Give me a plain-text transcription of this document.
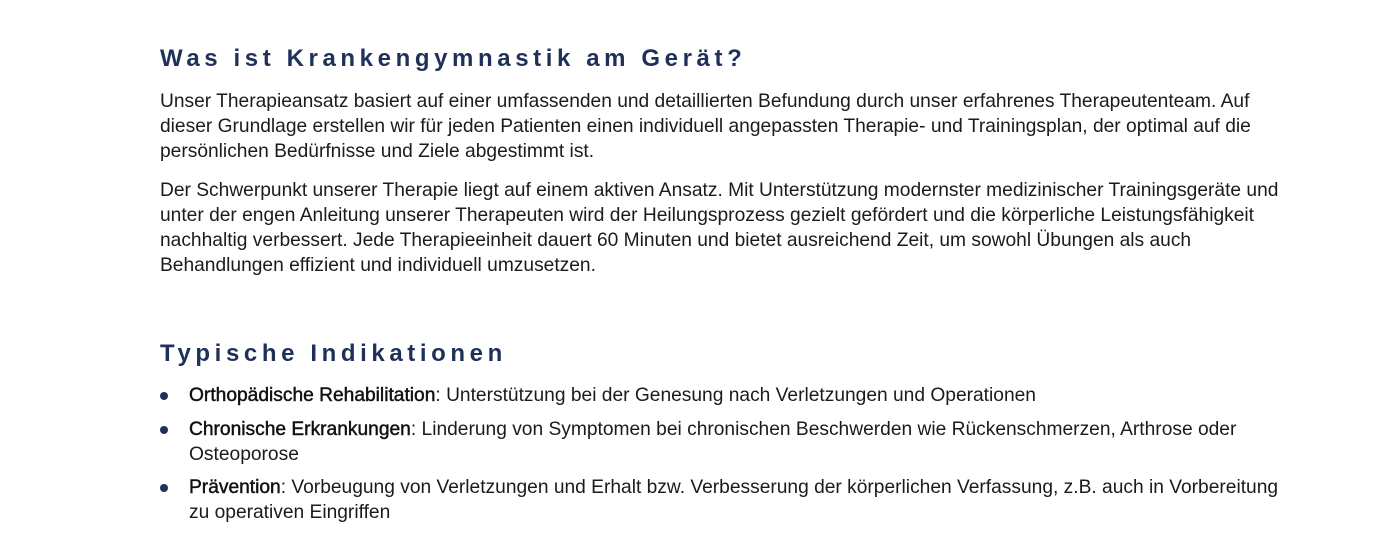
Was ist Krankengymnastik am Gerät?

Unser Therapieansatz basiert auf einer umfassenden und detaillierten Befundung durch unser erfahrenes Therapeutenteam. Auf dieser Grundlage erstellen wir für jeden Patienten einen individuell angepassten Therapie- und Trainingsplan, der optimal auf die persönlichen Bedürfnisse und Ziele abgestimmt ist.

Der Schwerpunkt unserer Therapie liegt auf einem aktiven Ansatz. Mit Unterstützung modernster medizinischer Trainingsgeräte und unter der engen Anleitung unserer Therapeuten wird der Heilungsprozess gezielt gefördert und die körperliche Leistungsfähigkeit nachhaltig verbessert. Jede Therapieeinheit dauert 60 Minuten und bietet ausreichend Zeit, um sowohl Übungen als auch Behandlungen effizient und individuell umzusetzen.

Typische Indikationen
Orthopädische Rehabilitation: Unterstützung bei der Genesung nach Verletzungen und Operationen
Chronische Erkrankungen: Linderung von Symptomen bei chronischen Beschwerden wie Rückenschmerzen, Arthrose oder Osteoporose
Prävention: Vorbeugung von Verletzungen und Erhalt bzw. Verbesserung der körperlichen Verfassung, z.B. auch in Vorbereitung zu operativen Eingriffen
